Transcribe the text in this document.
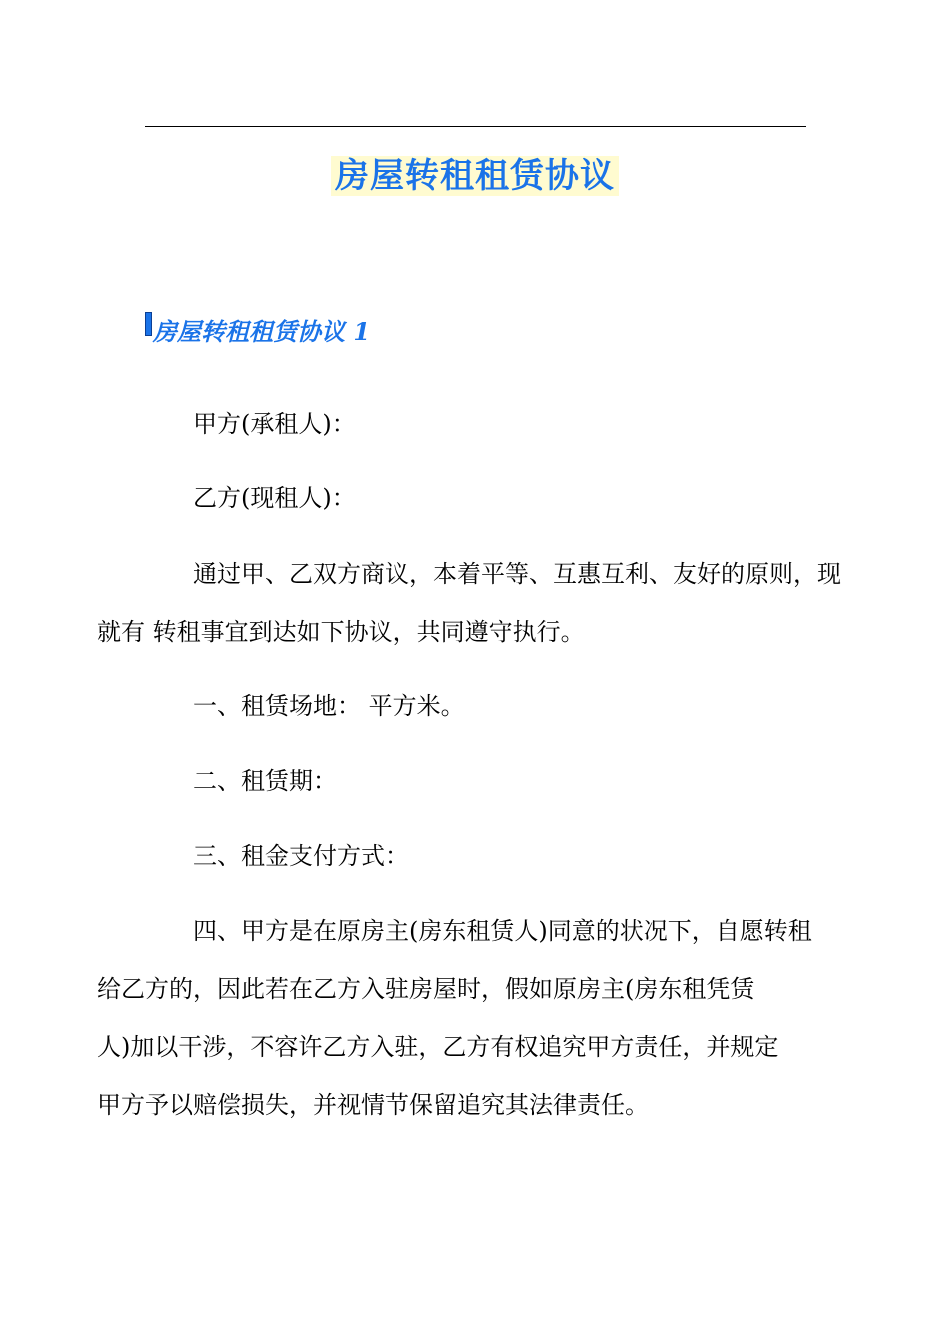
房屋转租租赁协议
房屋转租租赁协议 1

甲方(承租人)：

乙方(现租人)：

通过甲、乙双方商议，本着平等、互惠互利、友好的原则，现
就有 转租事宜到达如下协议，共同遵守执行。

一、租赁场地： 平方米。

二、租赁期：

三、租金支付方式：

四、甲方是在原房主(房东租赁人)同意的状况下，自愿转租
给乙方的，因此若在乙方入驻房屋时，假如原房主(房东租凭赁
人)加以干涉，不容许乙方入驻，乙方有权追究甲方责任，并规定
甲方予以赔偿损失，并视情节保留追究其法律责任。
